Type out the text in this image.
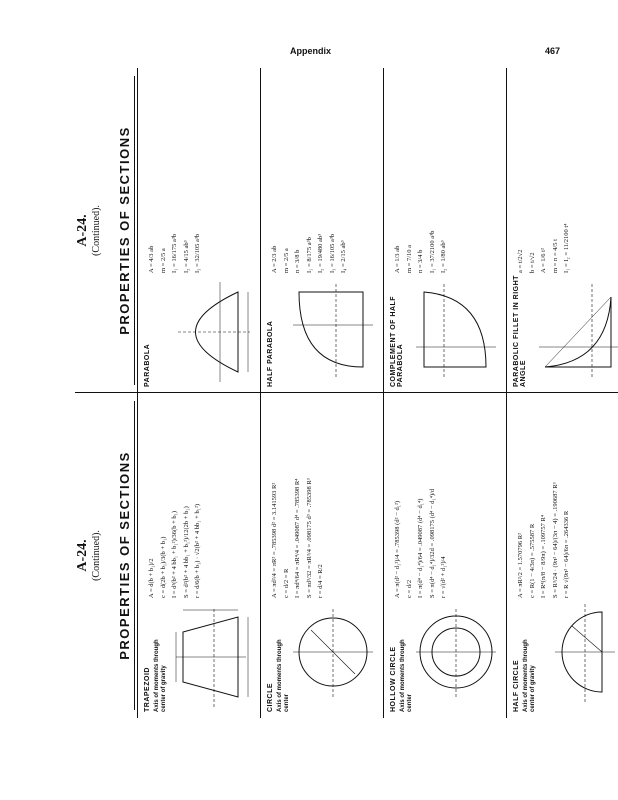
Appendix	467
A-24. (Continued). PROPERTIES OF SECTIONS
TRAPEZOID Axis of moments through center of gravity
A = d(b + b₁)/2 c = d(2b + b₁)/3(b + b₁) I = d³(b² + 4 bb₁ + b₁²)/36(b + b₁) S = d²(b² + 4 bb₁ + b₁²)/12(2b + b₁) r = d/6(b + b₁) · √2(b² + 4 bb₁ + b₁²)
CIRCLE Axis of moments through center
A = πd²/4 = πR² = .785398 d² = 3.141593 R² c = d/2 = R I = πd⁴/64 = πR⁴/4 = .049087 d⁴ = .785398 R⁴ S = πd³/32 = πR³/4 = .098175 d³ = .785398 R³ r = d/4 = R/2
HOLLOW CIRCLE Axis of moments through center
A = π(d² − d₁²)/4 = .785398 (d² − d₁²) c = d/2 I = π(d⁴ − d₁⁴)/64 = .049087 (d⁴ − d₁⁴) S = π(d⁴ − d₁⁴)/32d = .098175 (d⁴ − d₁⁴)/d r = √(d² + d₁²)/4
HALF CIRCLE Axis of moments through center of gravity
A = πR²/2 = 1.570796 R² c = R(1 − 4/3π) = .575587 R I = R⁴(π/8 − 8/9π) = .109757 R⁴ S = R³/24 · (9π² − 64)/(3π − 4) = .190687 R³ r = R √(9π² − 64)/6π = .264336 R
A-24. (Continued). PROPERTIES OF SECTIONS
PARABOLA
A = 4/3 ab m = 2/5 a I₁ = 16/175 a³b I₂ = 4/15 ab³ I₃ = 32/105 a³b
HALF PARABOLA
A = 2/3 ab m = 2/5 a n = 3/8 b I₁ = 8/175 a³b I₂ = 19/480 ab³ I₃ = 16/105 a³b I₄ = 2/15 ab³
COMPLEMENT OF HALF PARABOLA
A = 1/3 ab m = 7/10 a n = 3/4 b I₁ = 37/2100 a³b I₂ = 1/80 ab³
PARABOLIC FILLET IN RIGHT ANGLE
a = t/2√2 b = t/√2 A = 1/6 t² m = n = 4/5 t I₁ = I₂ = 11/2100 t⁴
